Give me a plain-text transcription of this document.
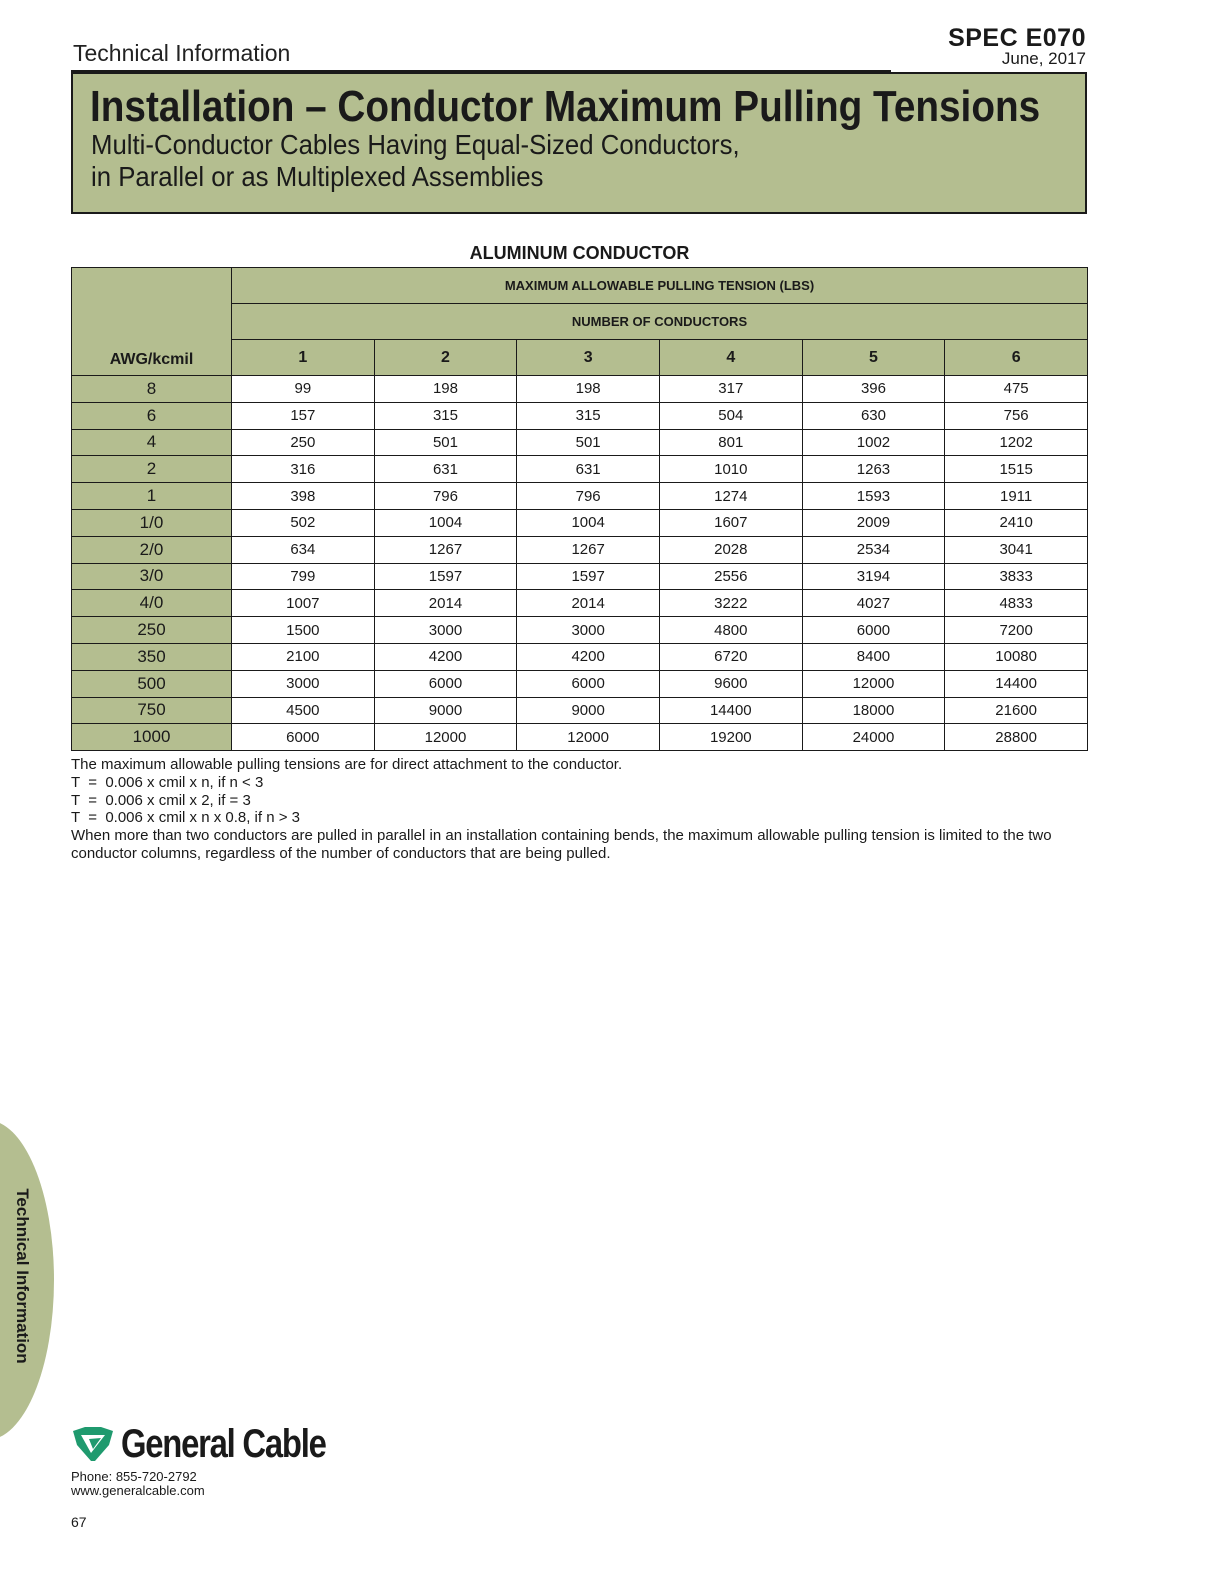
Technical Information
SPEC E070
June, 2017
Installation – Conductor Maximum Pulling Tensions
Multi-Conductor Cables Having Equal-Sized Conductors,
in Parallel or as Multiplexed Assemblies
ALUMINUM CONDUCTOR
AWG/kcmil	MAXIMUM ALLOWABLE PULLING TENSION (LBS)					
	NUMBER OF CONDUCTORS					
	1	2	3	4	5	6
8	99	198	198	317	396	475
6	157	315	315	504	630	756
4	250	501	501	801	1002	1202
2	316	631	631	1010	1263	1515
1	398	796	796	1274	1593	1911
1/0	502	1004	1004	1607	2009	2410
2/0	634	1267	1267	2028	2534	3041
3/0	799	1597	1597	2556	3194	3833
4/0	1007	2014	2014	3222	4027	4833
250	1500	3000	3000	4800	6000	7200
350	2100	4200	4200	6720	8400	10080
500	3000	6000	6000	9600	12000	14400
750	4500	9000	9000	14400	18000	21600
1000	6000	12000	12000	19200	24000	28800
The maximum allowable pulling tensions are for direct attachment to the conductor.
T  =  0.006 x cmil x n, if n < 3
T  =  0.006 x cmil x 2, if = 3
T  =  0.006 x cmil x n x 0.8, if n > 3
When more than two conductors are pulled in parallel in an installation containing bends, the maximum allowable pulling tension is limited to the two conductor columns, regardless of the number of conductors that are being pulled.
Technical Information
General Cable
Phone: 855-720-2792
www.generalcable.com
67
